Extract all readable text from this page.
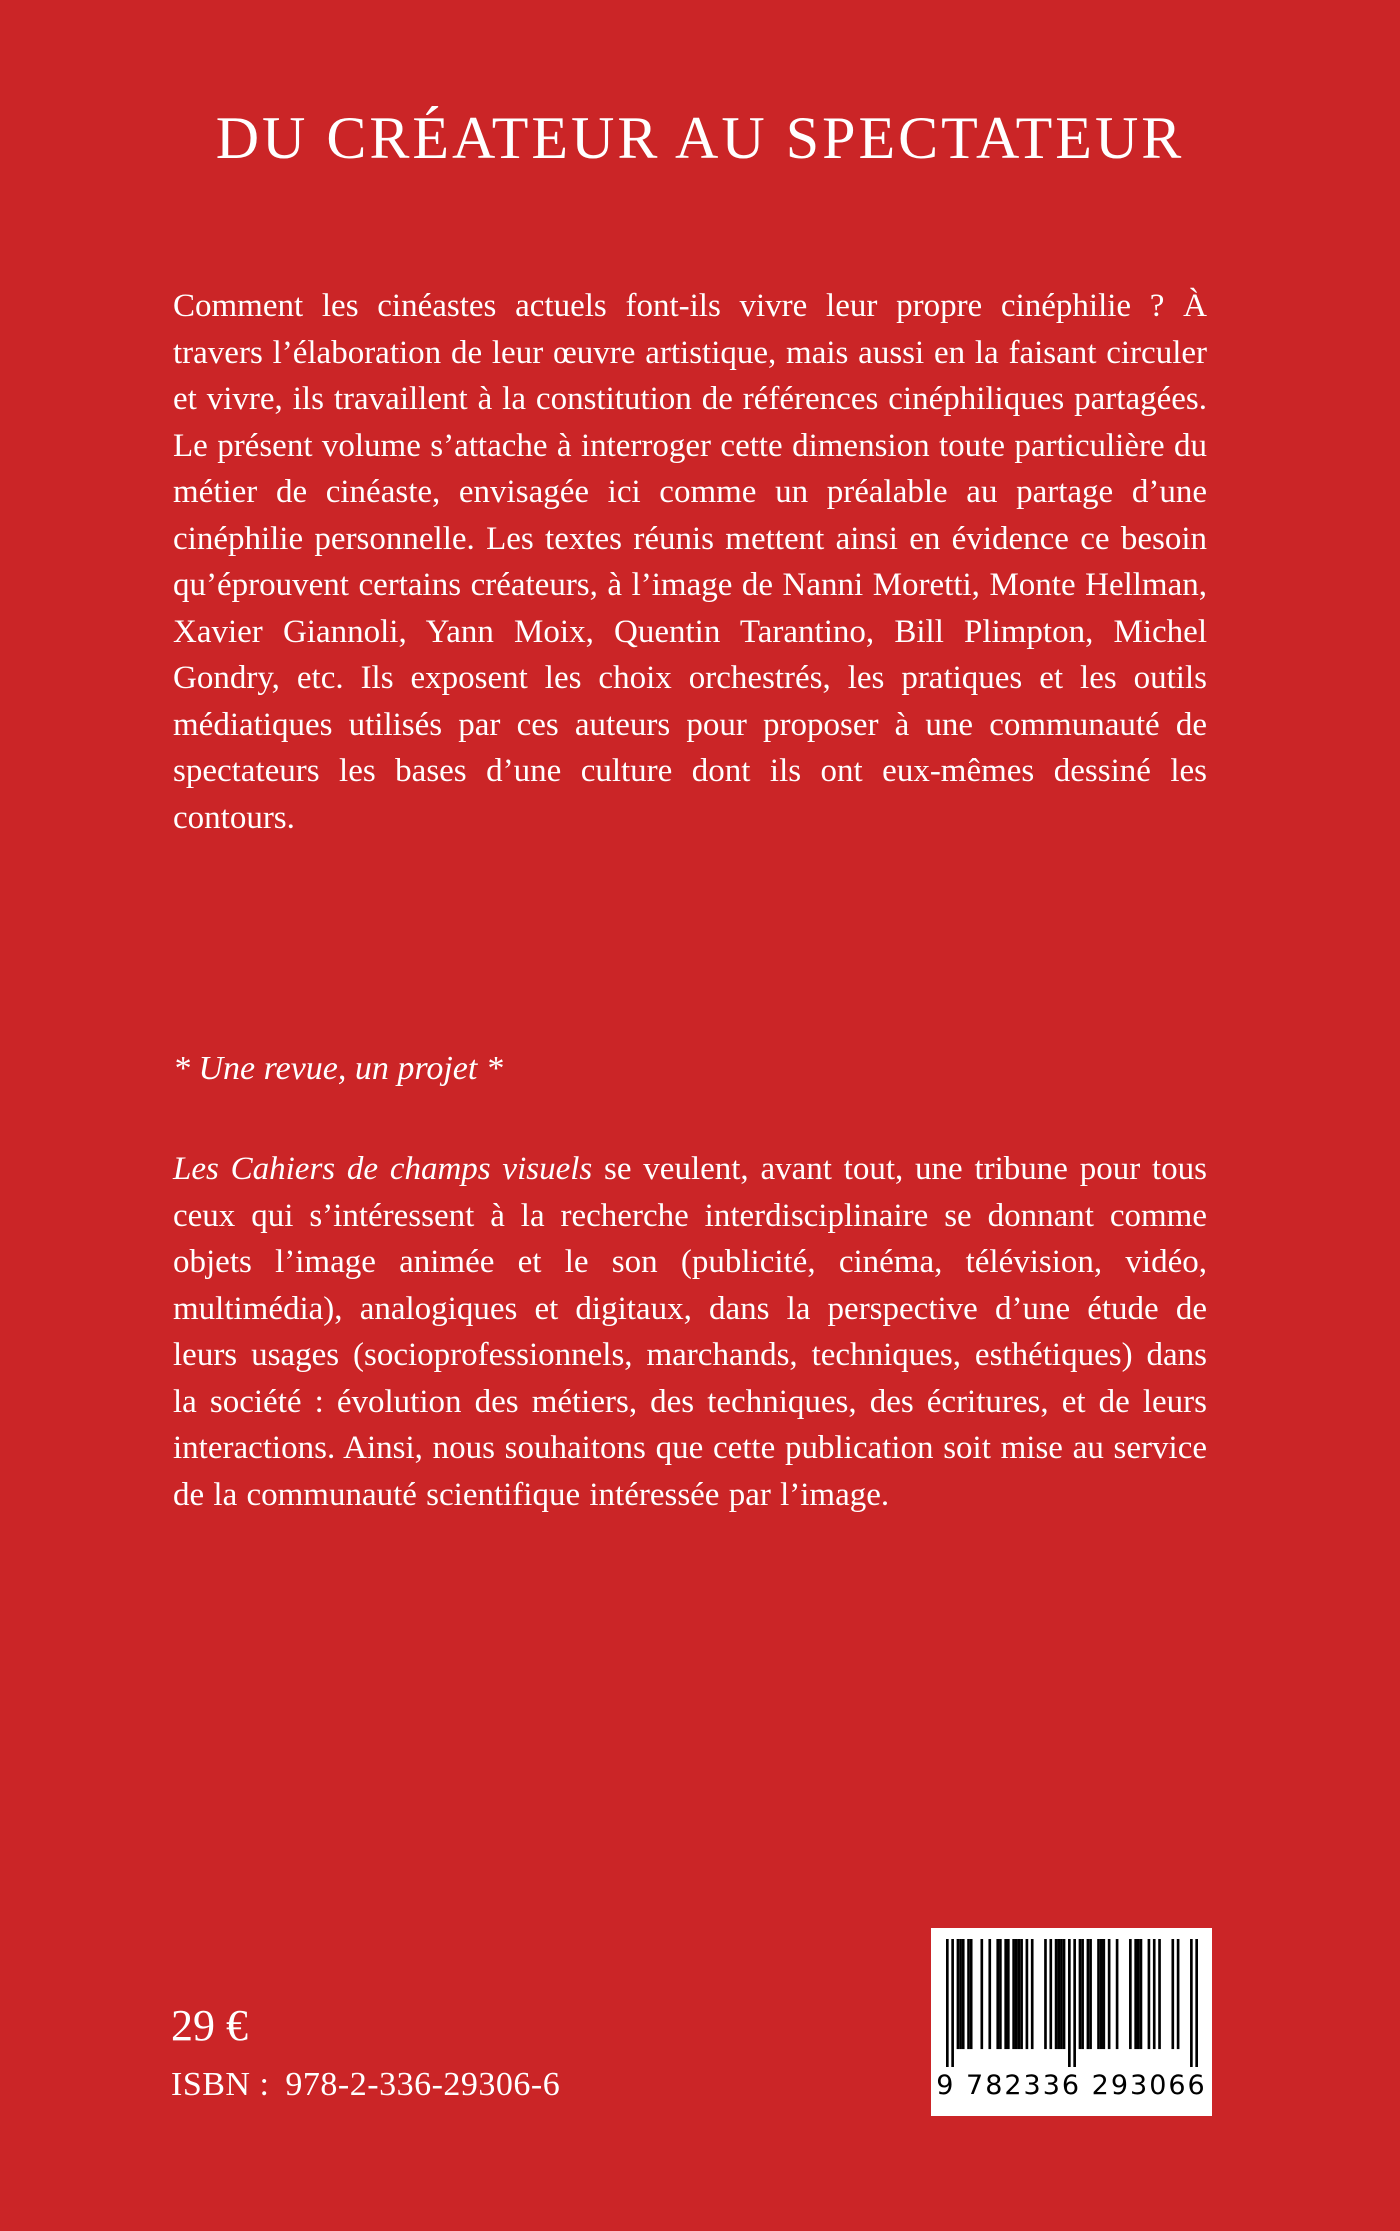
DU CRÉATEUR AU SPECTATEUR

Comment les cinéastes actuels font-ils vivre leur propre cinéphilie ? À travers l’élaboration de leur œuvre artistique, mais aussi en la faisant circuler et vivre, ils travaillent à la constitution de références cinéphiliques partagées. Le présent volume s’attache à interroger cette dimension toute particulière du métier de cinéaste, envisagée ici comme un préalable au partage d’une cinéphilie personnelle. Les textes réunis mettent ainsi en évidence ce besoin qu’éprouvent certains créateurs, à l’image de Nanni Moretti, Monte Hellman, Xavier Giannoli, Yann Moix, Quentin Tarantino, Bill Plimpton, Michel Gondry, etc. Ils exposent les choix orchestrés, les pratiques et les outils médiatiques utilisés par ces auteurs pour proposer à une communauté de spectateurs les bases d’une culture dont ils ont eux-mêmes dessiné les contours.

* Une revue, un projet *

Les Cahiers de champs visuels se veulent, avant tout, une tribune pour tous ceux qui s’intéressent à la recherche interdisciplinaire se donnant comme objets l’image animée et le son (publicité, cinéma, télévision, vidéo, multimédia), analogiques et digitaux, dans la perspective d’une étude de leurs usages (socioprofessionnels, marchands, techniques, esthétiques) dans la société : évolution des métiers, des techniques, des écritures, et de leurs interactions. Ainsi, nous souhaitons que cette publication soit mise au service de la communauté scientifique intéressée par l’image.

29 €
ISBN : 978-2-336-29306-6	9 782336 293066
